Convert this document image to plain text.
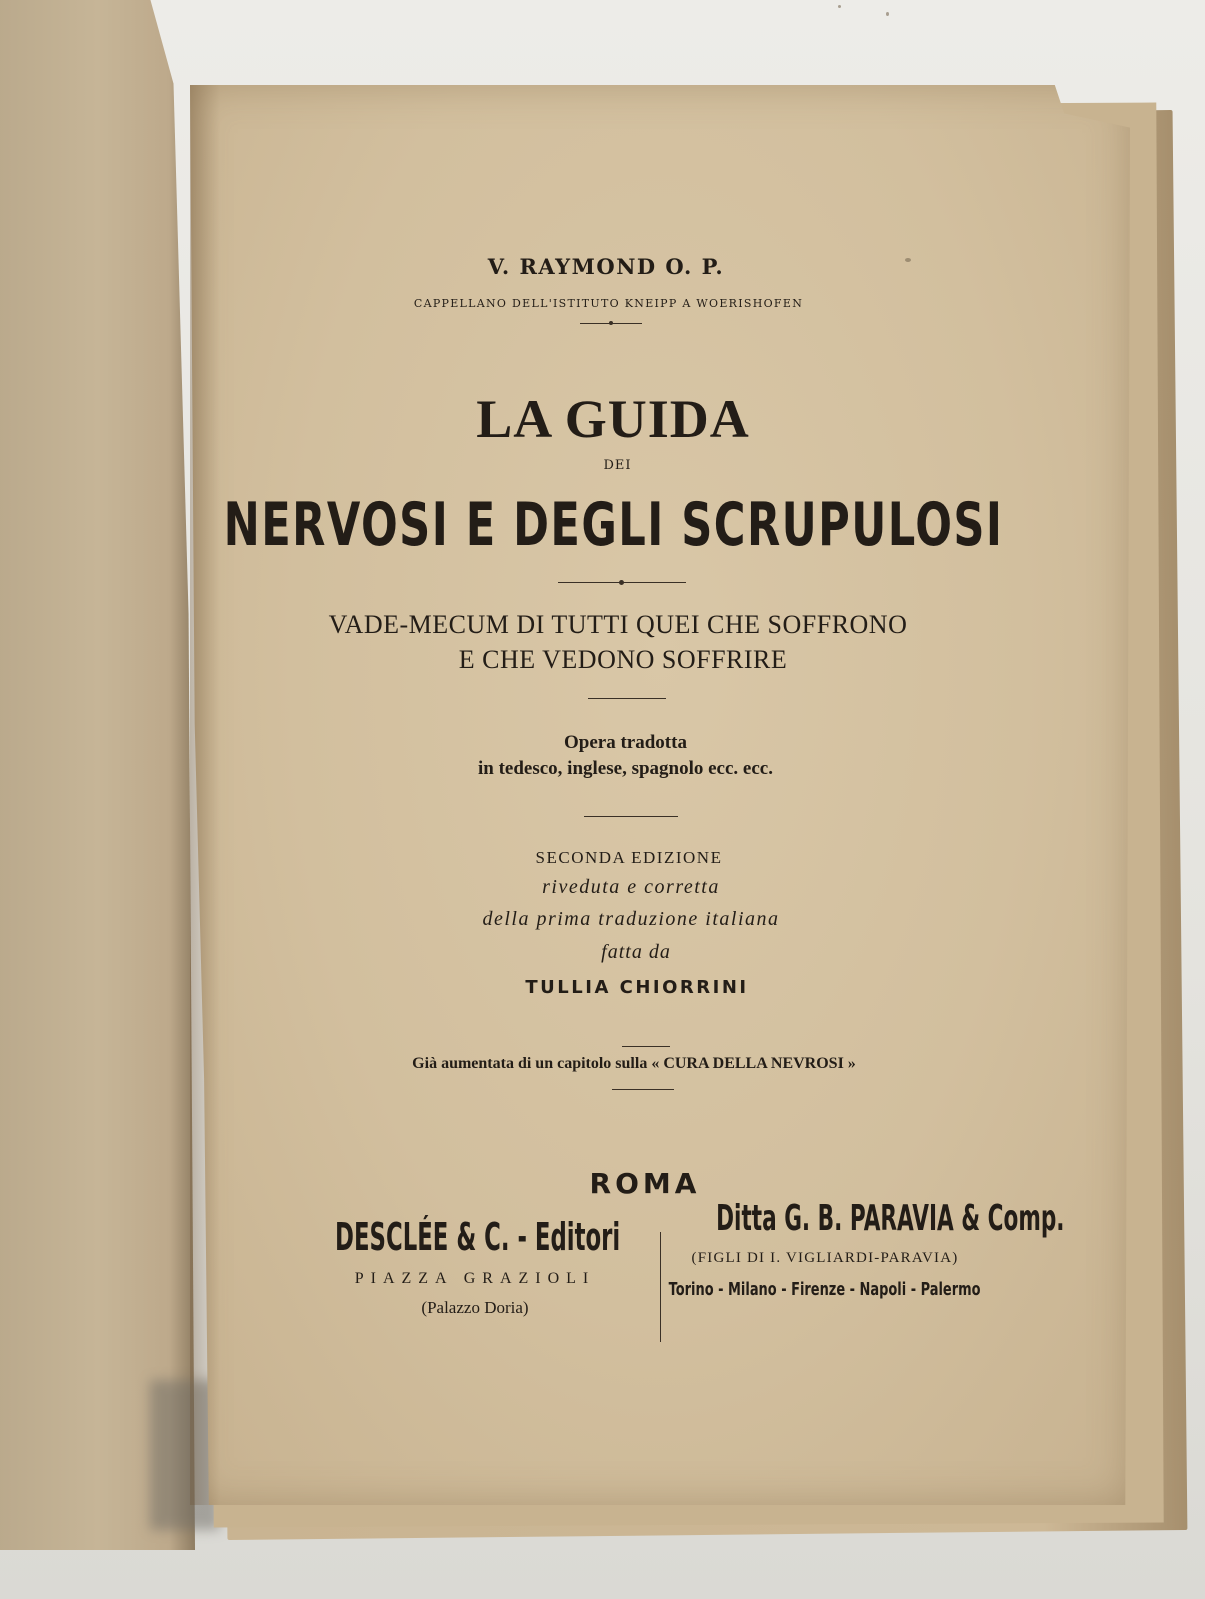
V. RAYMOND O. P.
CAPPELLANO DELL'ISTITUTO KNEIPP A WOERISHOFEN
LA GUIDA
DEI
NERVOSI E DEGLI SCRUPULOSI
VADE-MECUM DI TUTTI QUEI CHE SOFFRONO
E CHE VEDONO SOFFRIRE
Opera tradotta
in tedesco, inglese, spagnolo ecc. ecc.
SECONDA EDIZIONE
riveduta e corretta
della prima traduzione italiana
fatta da
TULLIA CHIORRINI
Già aumentata di un capitolo sulla « CURA DELLA NEVROSI »
ROMA
DESCLÉE & C. - Editori
PIAZZA GRAZIOLI
(Palazzo Doria)
Ditta G. B. PARAVIA & Comp.
(FIGLI DI I. VIGLIARDI-PARAVIA)
Torino - Milano - Firenze - Napoli - Palermo
